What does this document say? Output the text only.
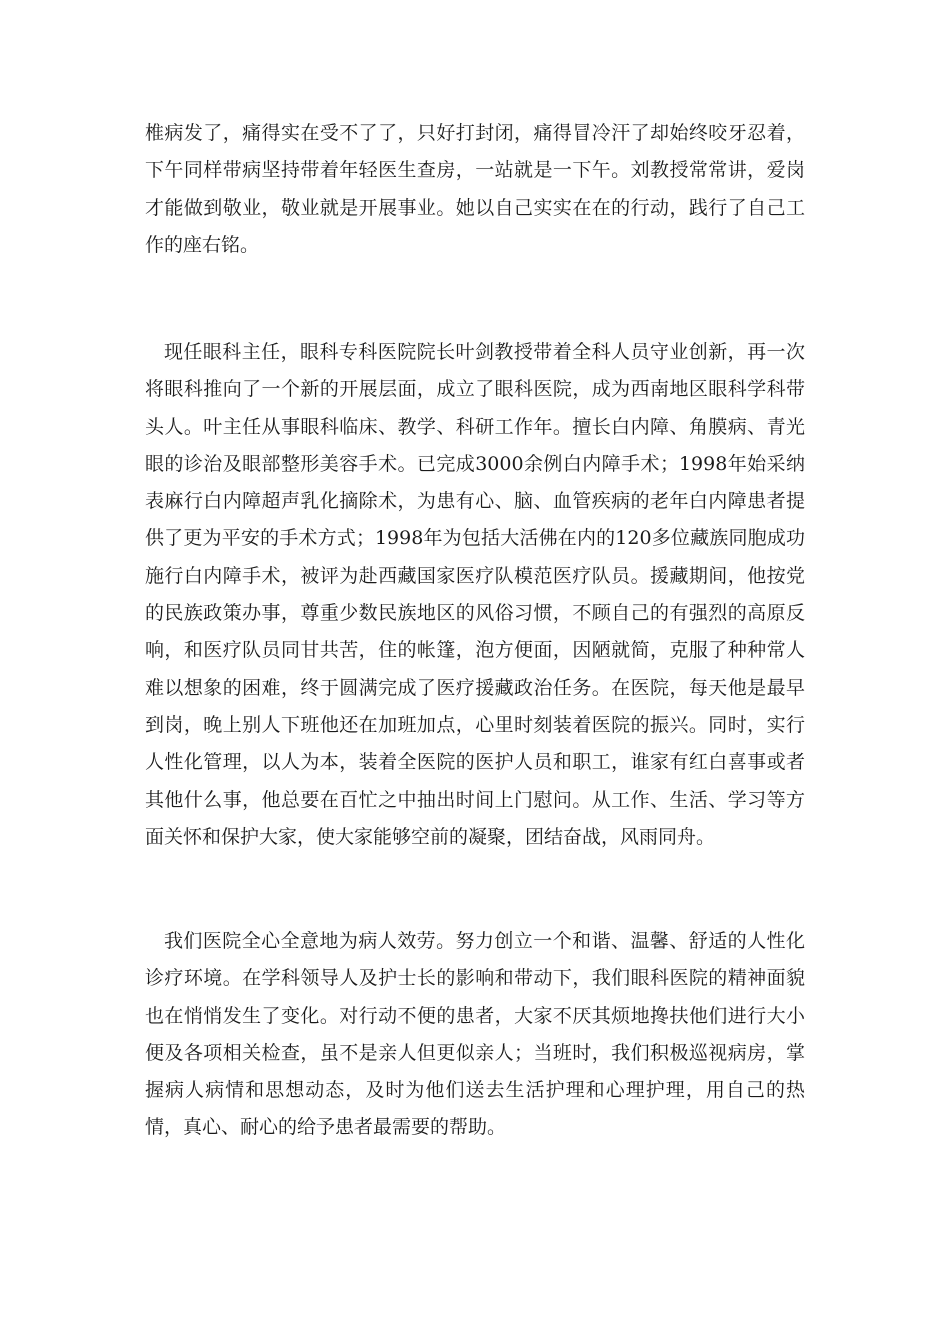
椎病发了，痛得实在受不了了，只好打封闭，痛得冒冷汗了却始终咬牙忍着，下午同样带病坚持带着年轻医生查房，一站就是一下午。刘教授常常讲，爱岗才能做到敬业，敬业就是开展事业。她以自己实实在在的行动，践行了自己工作的座右铭。

现任眼科主任，眼科专科医院院长叶剑教授带着全科人员守业创新，再一次将眼科推向了一个新的开展层面，成立了眼科医院，成为西南地区眼科学科带头人。叶主任从事眼科临床、教学、科研工作年。擅长白内障、角膜病、青光眼的诊治及眼部整形美容手术。已完成3000余例白内障手术；1998年始采纳表麻行白内障超声乳化摘除术，为患有心、脑、血管疾病的老年白内障患者提供了更为平安的手术方式；1998年为包括大活佛在内的120多位藏族同胞成功施行白内障手术，被评为赴西藏国家医疗队模范医疗队员。援藏期间，他按党的民族政策办事，尊重少数民族地区的风俗习惯，不顾自己的有强烈的高原反响，和医疗队员同甘共苦，住的帐篷，泡方便面，因陋就简，克服了种种常人难以想象的困难，终于圆满完成了医疗援藏政治任务。在医院，每天他是最早到岗，晚上别人下班他还在加班加点，心里时刻装着医院的振兴。同时，实行人性化管理，以人为本，装着全医院的医护人员和职工，谁家有红白喜事或者其他什么事，他总要在百忙之中抽出时间上门慰问。从工作、生活、学习等方面关怀和保护大家，使大家能够空前的凝聚，团结奋战，风雨同舟。

我们医院全心全意地为病人效劳。努力创立一个和谐、温馨、舒适的人性化诊疗环境。在学科领导人及护士长的影响和带动下，我们眼科医院的精神面貌也在悄悄发生了变化。对行动不便的患者，大家不厌其烦地搀扶他们进行大小便及各项相关检查，虽不是亲人但更似亲人；当班时，我们积极巡视病房，掌握病人病情和思想动态，及时为他们送去生活护理和心理护理，用自己的热情，真心、耐心的给予患者最需要的帮助。
